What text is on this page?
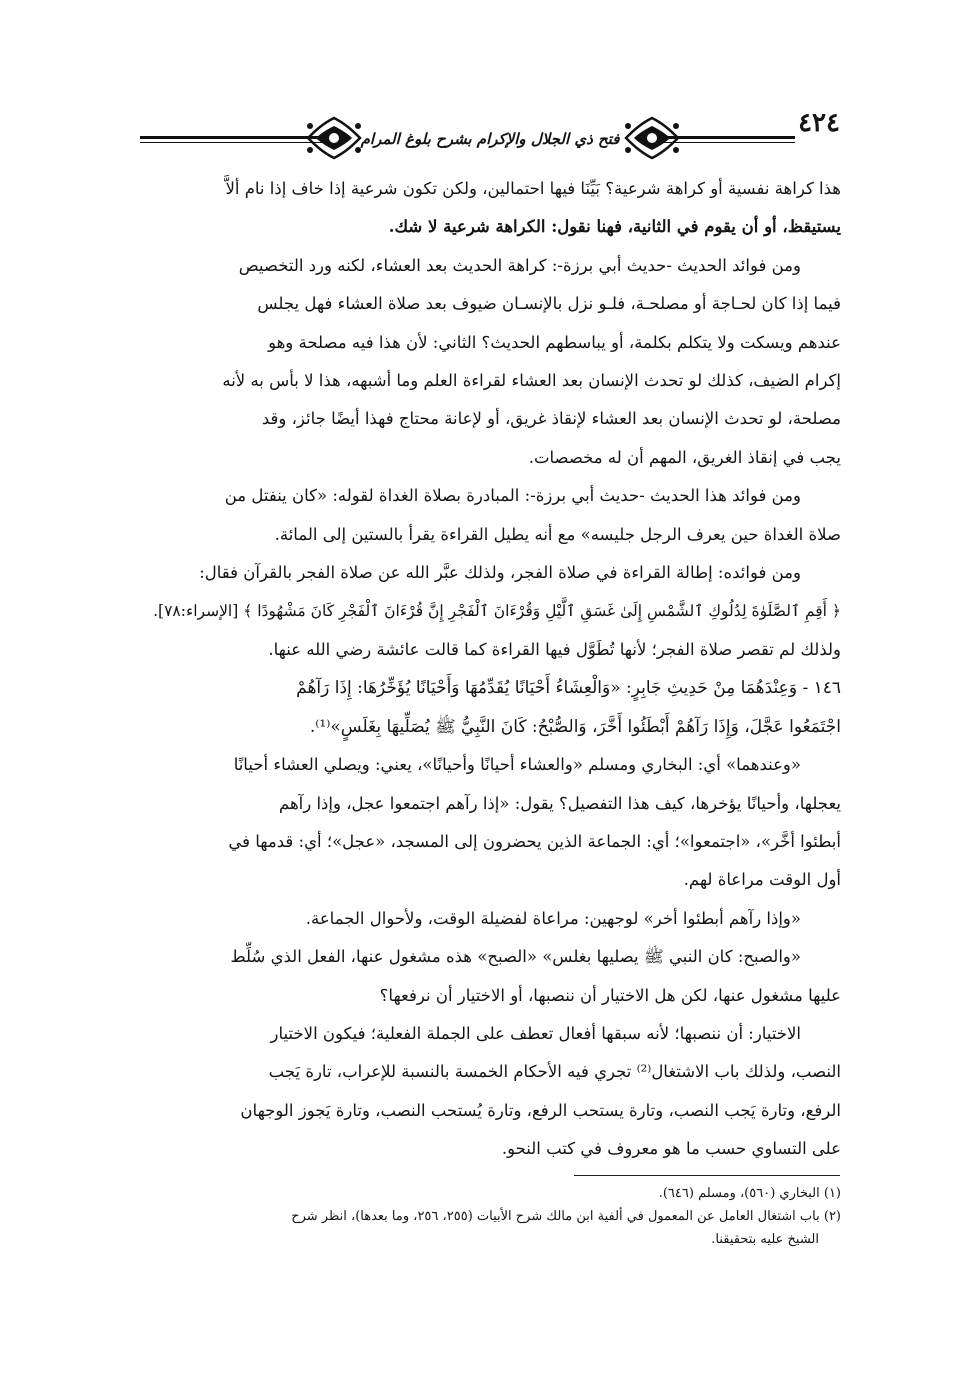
٤٢٤
فتح ذي الجلال والإكرام بشرح بلوغ المرام

هذا كراهة نفسية أو كراهة شرعية؟ بَيِّنَا فيها احتمالين، ولكن تكون شرعية إذا خاف إذا نام ألاَّ
يستيقظ، أو أن يقوم في الثانية، فهنا نقول: الكراهة شرعية لا شك.

ومن فوائد الحديث -حديث أبي برزة-: كراهة الحديث بعد العشاء، لكنه ورد التخصيص
فيما إذا كان لحـاجة أو مصلحـة، فلـو نزل بالإنسـان ضيوف بعد صلاة العشاء فهل يجلس
عندهم ويسكت ولا يتكلم بكلمة، أو يباسطهم الحديث؟ الثاني: لأن هذا فيه مصلحة وهو
إكرام الضيف، كذلك لو تحدث الإنسان بعد العشاء لقراءة العلم وما أشبهه، هذا لا بأس به لأنه
مصلحة، لو تحدث الإنسان بعد العشاء لإنقاذ غريق، أو لإعانة محتاج فهذا أيضًا جائز، وقد
يجب في إنقاذ الغريق، المهم أن له مخصصات.

ومن فوائد هذا الحديث -حديث أبي برزة-: المبادرة بصلاة الغداة لقوله: «كان ينفتل من
صلاة الغداة حين يعرف الرجل جليسه» مع أنه يطيل القراءة يقرأ بالستين إلى المائة.

ومن فوائده: إطالة القراءة في صلاة الفجر، ولذلك عبَّر الله عن صلاة الفجر بالقرآن فقال:
﴿ أَقِمِ ٱلصَّلَوٰةَ لِدُلُوكِ ٱلشَّمْسِ إِلَىٰ غَسَقِ ٱلَّيْلِ وَقُرْءَانَ ٱلْفَجْرِ إِنَّ قُرْءَانَ ٱلْفَجْرِ كَانَ مَشْهُودًا ﴾ [الإسراء:٧٨].
ولذلك لم تقصر صلاة الفجر؛ لأنها تُطَوَّل فيها القراءة كما قالت عائشة رضي الله عنها.

١٤٦ - وَعِنْدَهُمَا مِنْ حَدِيثِ جَابِرٍ: «وَالْعِشَاءُ أَحْيَانًا يُقَدِّمُهَا وَأَحْيَانًا يُؤَخِّرُهَا: إِذَا رَآهُمْ
اجْتَمَعُوا عَجَّلَ، وَإِذَا رَآهُمْ أَبْطَئُوا أَخَّرَ، وَالصُّبْحُ: كَانَ النَّبِيُّ ﷺ يُصَلِّيهَا بِغَلَسٍ»⁽¹⁾.

«وعندهما» أي: البخاري ومسلم «والعشاء أحيانًا وأحيانًا»، يعني: ويصلي العشاء أحيانًا
يعجلها، وأحيانًا يؤخرها، كيف هذا التفصيل؟ يقول: «إذا رآهم اجتمعوا عجل، وإذا رآهم
أبطئوا أخَّر»، «اجتمعوا»؛ أي: الجماعة الذين يحضرون إلى المسجد، «عجل»؛ أي: قدمها في
أول الوقت مراعاة لهم.

«وإذا رآهم أبطئوا أخر» لوجهين: مراعاة لفضيلة الوقت، ولأحوال الجماعة.

«والصبح: كان النبي ﷺ يصليها بغلس» «الصبح» هذه مشغول عنها، الفعل الذي سُلِّط
عليها مشغول عنها، لكن هل الاختيار أن ننصبها، أو الاختيار أن نرفعها؟

الاختيار: أن ننصبها؛ لأنه سبقها أفعال تعطف على الجملة الفعلية؛ فيكون الاختيار
النصب، ولذلك باب الاشتغال⁽²⁾ تجري فيه الأحكام الخمسة بالنسبة للإعراب، تارة يَجب
الرفع، وتارة يَجب النصب، وتارة يستحب الرفع، وتارة يُستحب النصب، وتارة يَجوز الوجهان
على التساوي حسب ما هو معروف في كتب النحو.

(١) البخاري (٥٦٠)، ومسلم (٦٤٦).

(٢) باب اشتغال العامل عن المعمول في ألفية ابن مالك شرح الأبيات (٢٥٥، ٢٥٦، وما بعدها)، انظر شرح
الشيخ عليه بتحقيقنا.
